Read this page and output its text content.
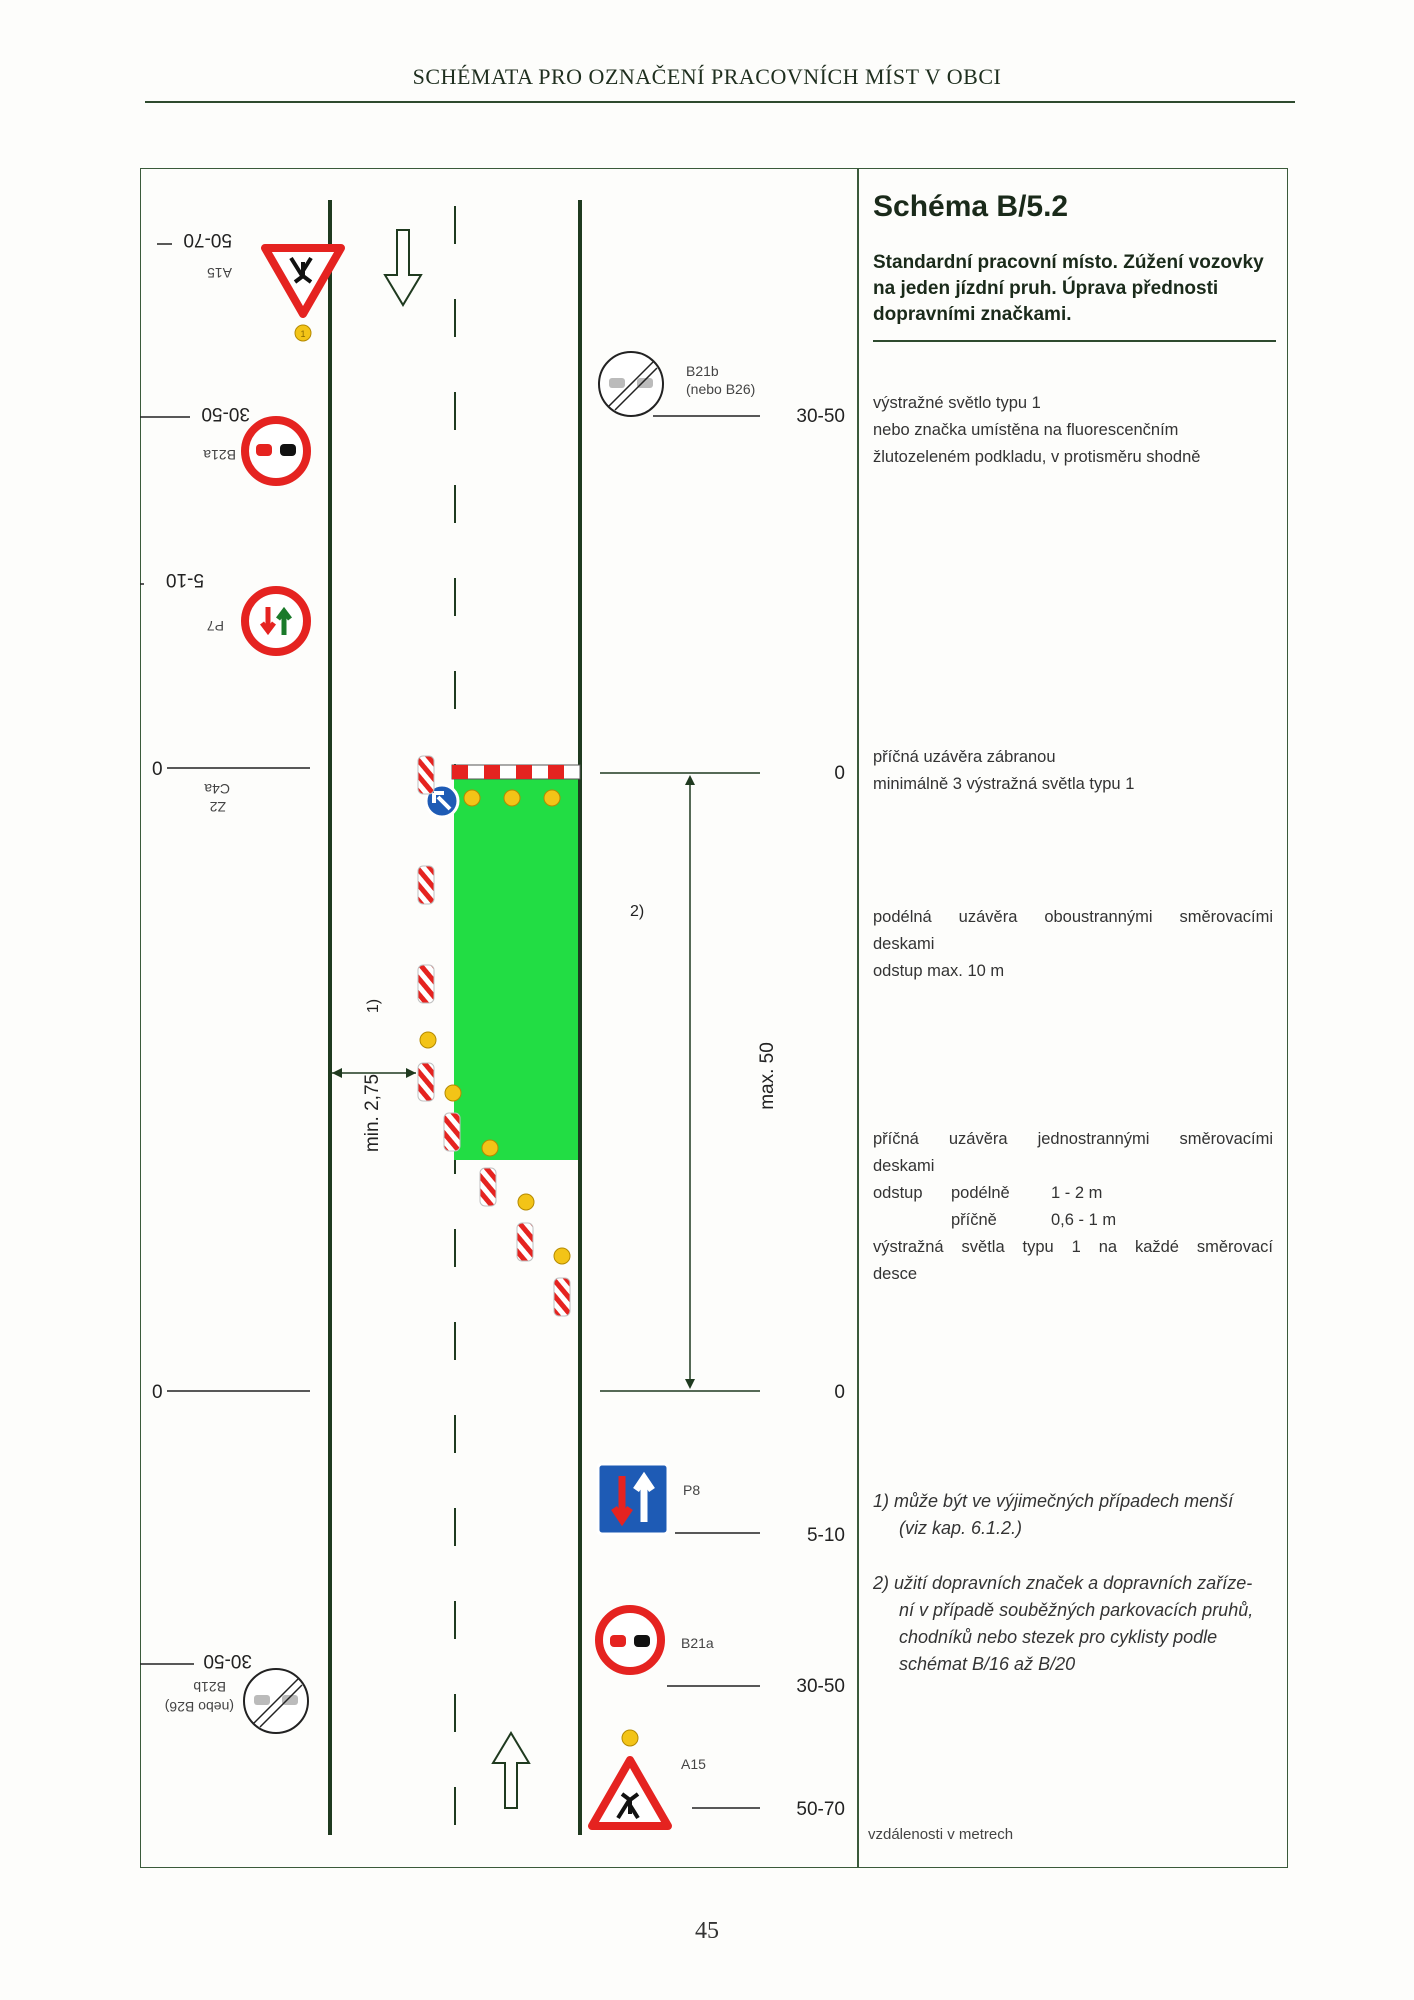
SCHÉMATA PRO OZNAČENÍ PRACOVNÍCH MÍST V OBCI
min. 2,75
1)
max. 50
0
0
2)
1
A15
50-70
B21a
30-50
P7
5-10
0
Z2
C4a
0
(nebo B26)
B21b
30-50
B21b
(nebo B26)
30-50
P8
5-10
B21a
30-50
A15
50-70
Schéma B/5.2
Standardní pracovní místo. Zúžení vozovky na jeden jízdní pruh. Úprava přednosti dopravními značkami.
výstražné světlo typu 1
nebo značka umístěna na fluorescenčním žlutozeleném podkladu, v protisměru shodně
příčná uzávěra zábranou
minimálně 3 výstražná světla typu 1
podélná uzávěra oboustrannými směrovacími
deskami
odstup max. 10 m
příčná uzávěra jednostrannými směrovacími
deskami
odstup podélně	1 - 2 m
příčně	0,6 - 1 m
výstražná světla typu 1 na každé směrovací
desce
1) může být ve výjimečných případech menší
(viz kap. 6.1.2.)
2) užití dopravních značek a dopravních zaříze-
ní v případě souběžných parkovacích pruhů,
chodníků nebo stezek pro cyklisty podle
schémat B/16 až B/20
vzdálenosti v metrech
45
